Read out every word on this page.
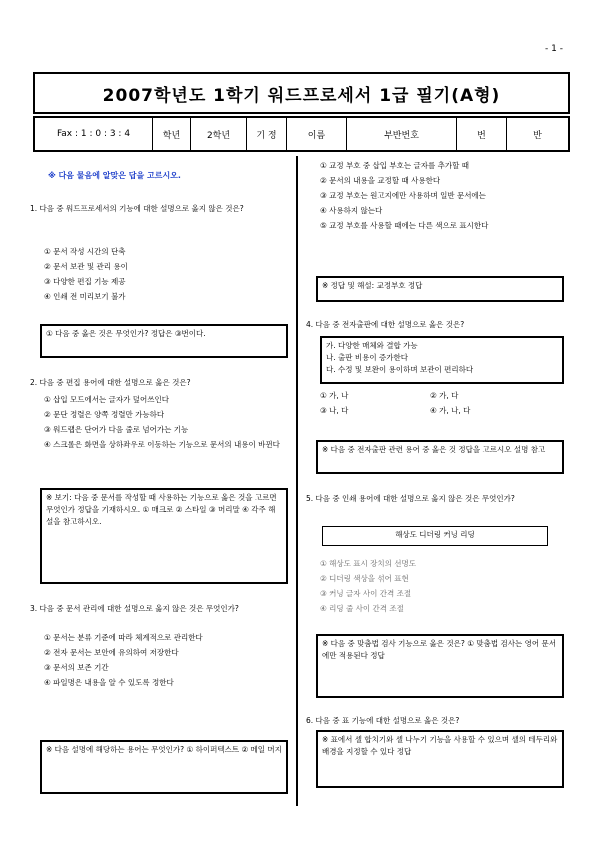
- 1 -
2007학년도 1학기 워드프로세서 1급 필기(A형)
Fax : 1 : 0 : 3 : 4	학년	2학년	기 정	이름	부반번호	번	반
※ 다음 물음에 알맞은 답을 고르시오.
1. 다음 중 워드프로세서의 기능에 대한 설명으로 옳지 않은 것은?
① 문서 작성 시간의 단축
② 문서 보관 및 관리 용이
③ 다양한 편집 기능 제공
④ 인쇄 전 미리보기 불가
① 다음 중 옳은 것은 무엇인가? 정답은 ③번이다.
2. 다음 중 편집 용어에 대한 설명으로 옳은 것은?
① 삽입 모드에서는 글자가 덮어쓰인다
② 문단 정렬은 양쪽 정렬만 가능하다
③ 워드랩은 단어가 다음 줄로 넘어가는 기능
④ 스크롤은 화면을 상하좌우로 이동하는 기능으로 문서의 내용이 바뀐다
※ 보기: 다음 중 문서를 작성할 때 사용하는 기능으로 옳은 것을 고르면 무엇인가 정답을 기재하시오. ① 매크로 ② 스타일 ③ 머리말 ④ 각주 해설을 참고하시오.
3. 다음 중 문서 관리에 대한 설명으로 옳지 않은 것은 무엇인가?
① 문서는 분류 기준에 따라 체계적으로 관리한다
② 전자 문서는 보안에 유의하여 저장한다
③ 문서의 보존 기간
④ 파일명은 내용을 알 수 있도록 정한다
※ 다음 설명에 해당하는 용어는 무엇인가? ① 하이퍼텍스트 ② 메일 머지
① 교정 부호 중 삽입 부호는 글자를 추가할 때
② 문서의 내용을 교정할 때 사용한다
③ 교정 부호는 원고지에만 사용하며 일반 문서에는
④ 사용하지 않는다
⑤ 교정 부호를 사용할 때에는 다른 색으로 표시한다
※ 정답 및 해설: 교정부호 정답
4. 다음 중 전자출판에 대한 설명으로 옳은 것은?
가. 다양한 매체와 결합 가능
나. 출판 비용이 증가한다
다. 수정 및 보완이 용이하며 보관이 편리하다
① 가, 나	② 가, 다
③ 나, 다	④ 가, 나, 다
※ 다음 중 전자출판 관련 용어 중 옳은 것 정답을 고르시오 설명 참고
5. 다음 중 인쇄 용어에 대한 설명으로 옳지 않은 것은 무엇인가?
해상도 디더링 커닝 리딩
① 해상도 표시 장치의 선명도
② 디더링 색상을 섞어 표현
③ 커닝 글자 사이 간격 조절
④ 리딩 줄 사이 간격 조절
※ 다음 중 맞춤법 검사 기능으로 옳은 것은? ① 맞춤법 검사는 영어 문서에만 적용된다 정답
6. 다음 중 표 기능에 대한 설명으로 옳은 것은?
※ 표에서 셀 합치기와 셀 나누기 기능을 사용할 수 있으며 셀의 테두리와 배경을 지정할 수 있다 정답
